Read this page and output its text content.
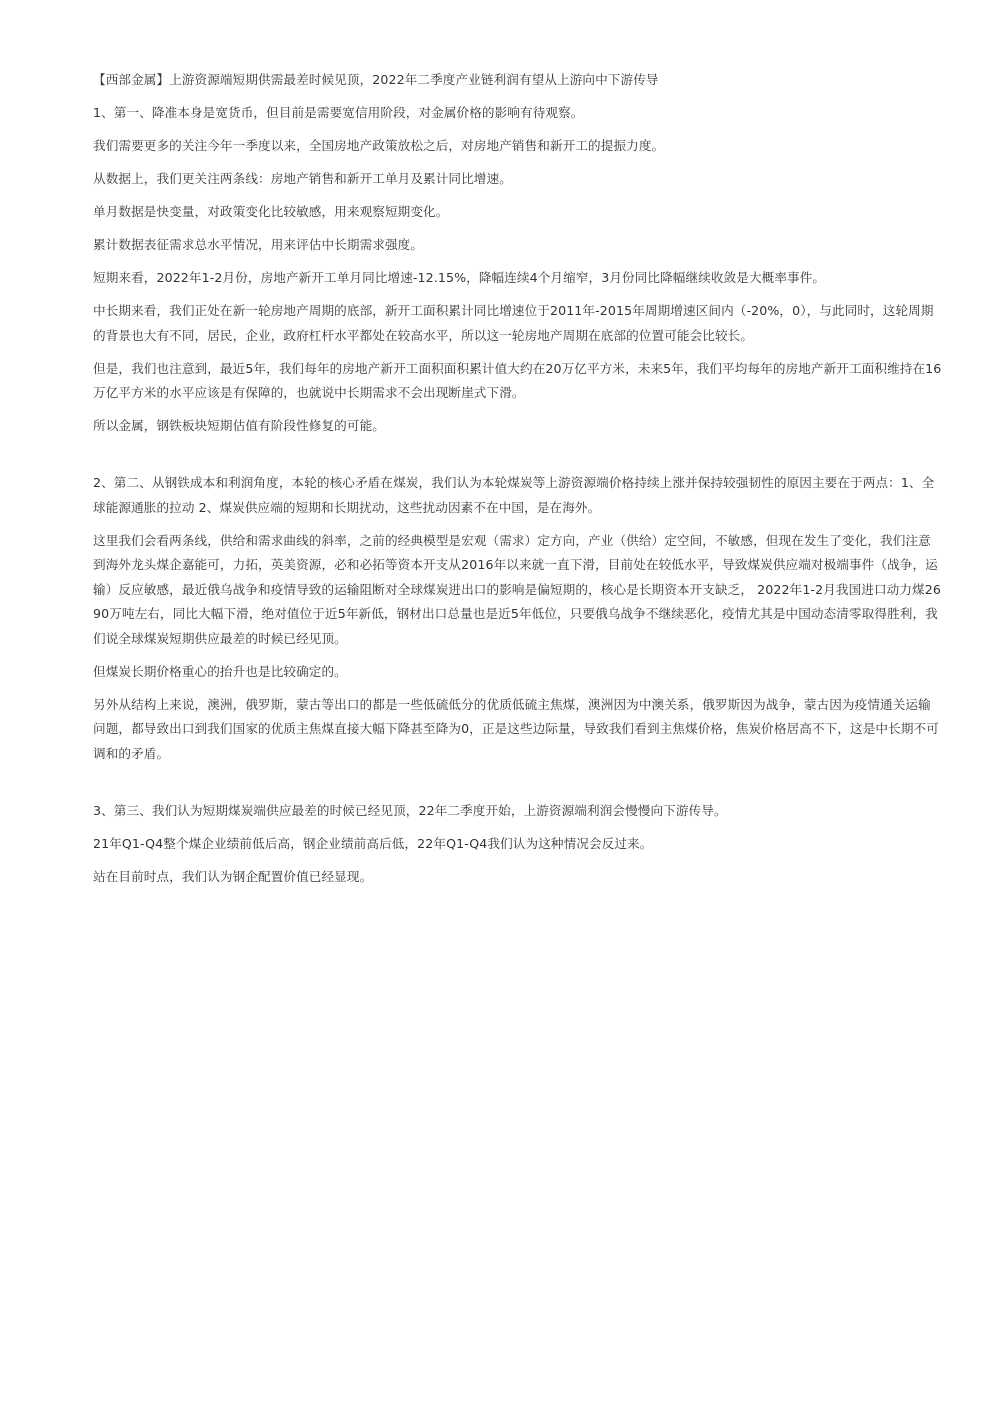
【西部金属】上游资源端短期供需最差时候见顶，2022年二季度产业链利润有望从上游向中下游传导

1、第一、降准本身是宽货币，但目前是需要宽信用阶段，对金属价格的影响有待观察。

我们需要更多的关注今年一季度以来，全国房地产政策放松之后，对房地产销售和新开工的提振力度。

从数据上，我们更关注两条线：房地产销售和新开工单月及累计同比增速。

单月数据是快变量，对政策变化比较敏感，用来观察短期变化。

累计数据表征需求总水平情况，用来评估中长期需求强度。

短期来看，2022年1-2月份，房地产新开工单月同比增速-12.15%，降幅连续4个月缩窄，3月份同比降幅继续收敛是大概率事件。

中长期来看，我们正处在新一轮房地产周期的底部，新开工面积累计同比增速位于2011年-2015年周期增速区间内（-20%，0），与此同时，这轮周期的背景也大有不同，居民，企业，政府杠杆水平都处在较高水平，所以这一轮房地产周期在底部的位置可能会比较长。

但是，我们也注意到，最近5年，我们每年的房地产新开工面积面积累计值大约在20万亿平方米，未来5年，我们平均每年的房地产新开工面积维持在16万亿平方米的水平应该是有保障的，也就说中长期需求不会出现断崖式下滑。

所以金属，钢铁板块短期估值有阶段性修复的可能。

2、第二、从钢铁成本和利润角度，本轮的核心矛盾在煤炭，我们认为本轮煤炭等上游资源端价格持续上涨并保持较强韧性的原因主要在于两点：1、全球能源通胀的拉动 2、煤炭供应端的短期和长期扰动，这些扰动因素不在中国，是在海外。

这里我们会看两条线，供给和需求曲线的斜率，之前的经典模型是宏观（需求）定方向，产业（供给）定空间，不敏感，但现在发生了变化，我们注意到海外龙头煤企嘉能可，力拓，英美资源，必和必拓等资本开支从2016年以来就一直下滑，目前处在较低水平，导致煤炭供应端对极端事件（战争，运输）反应敏感，最近俄乌战争和疫情导致的运输阻断对全球煤炭进出口的影响是偏短期的，核心是长期资本开支缺乏， 2022年1-2月我国进口动力煤2690万吨左右，同比大幅下滑，绝对值位于近5年新低，钢材出口总量也是近5年低位，只要俄乌战争不继续恶化，疫情尤其是中国动态清零取得胜利，我们说全球煤炭短期供应最差的时候已经见顶。

但煤炭长期价格重心的抬升也是比较确定的。

另外从结构上来说，澳洲，俄罗斯，蒙古等出口的都是一些低硫低分的优质低硫主焦煤，澳洲因为中澳关系，俄罗斯因为战争，蒙古因为疫情通关运输问题，都导致出口到我们国家的优质主焦煤直接大幅下降甚至降为0，正是这些边际量，导致我们看到主焦煤价格，焦炭价格居高不下，这是中长期不可调和的矛盾。

3、第三、我们认为短期煤炭端供应最差的时候已经见顶，22年二季度开始，上游资源端利润会慢慢向下游传导。

21年Q1-Q4整个煤企业绩前低后高，钢企业绩前高后低，22年Q1-Q4我们认为这种情况会反过来。

站在目前时点，我们认为钢企配置价值已经显现。
